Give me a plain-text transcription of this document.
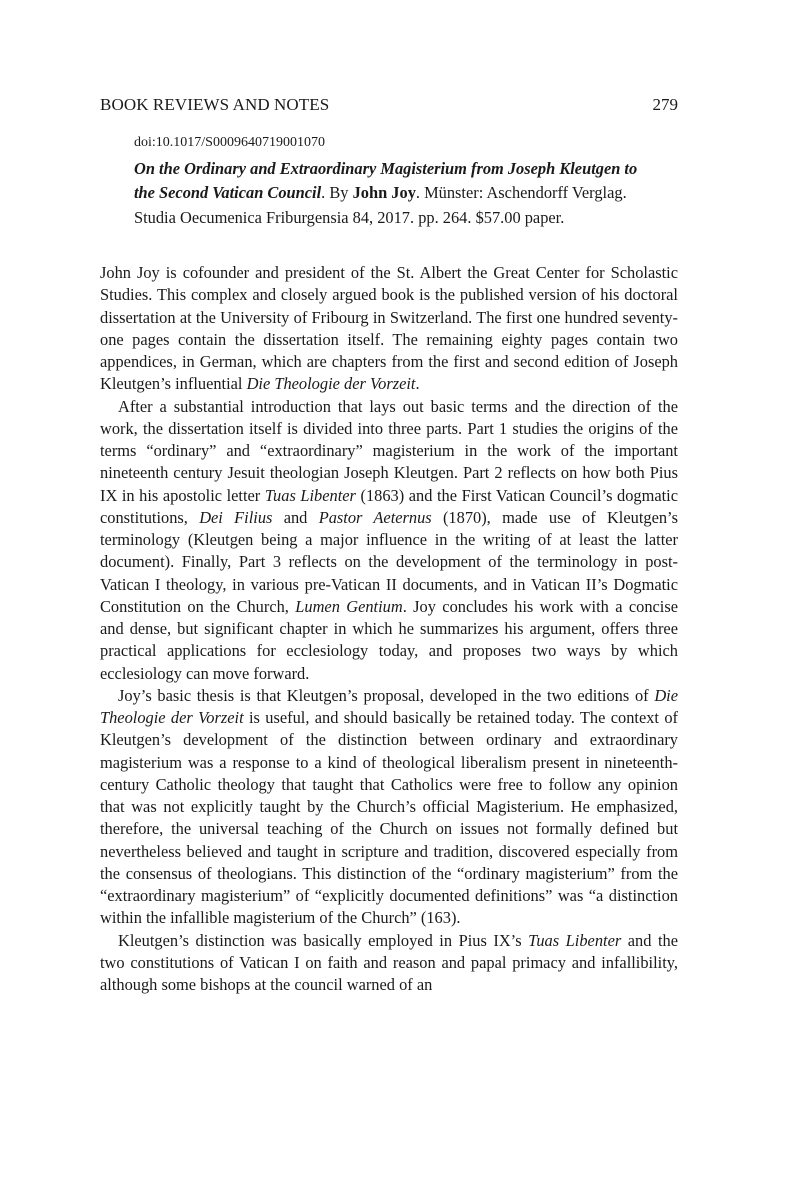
BOOK REVIEWS AND NOTES	279
doi:10.1017/S0009640719001070
On the Ordinary and Extraordinary Magisterium from Joseph Kleutgen to the Second Vatican Council. By John Joy. Münster: Aschendorff Verglag. Studia Oecumenica Friburgensia 84, 2017. pp. 264. $57.00 paper.

John Joy is cofounder and president of the St. Albert the Great Center for Scholastic Studies. This complex and closely argued book is the published version of his doctoral dissertation at the University of Fribourg in Switzerland. The first one hundred seventy-one pages contain the dissertation itself. The remaining eighty pages contain two appendices, in German, which are chapters from the first and second edition of Joseph Kleutgen’s influential Die Theologie der Vorzeit.

After a substantial introduction that lays out basic terms and the direction of the work, the dissertation itself is divided into three parts. Part 1 studies the origins of the terms “ordinary” and “extraordinary” magisterium in the work of the important nineteenth century Jesuit theologian Joseph Kleutgen. Part 2 reflects on how both Pius IX in his apostolic letter Tuas Libenter (1863) and the First Vatican Council’s dogmatic constitutions, Dei Filius and Pastor Aeternus (1870), made use of Kleutgen’s terminology (Kleutgen being a major influence in the writing of at least the latter document). Finally, Part 3 reflects on the development of the terminology in post-Vatican I theology, in various pre-Vatican II documents, and in Vatican II’s Dogmatic Constitution on the Church, Lumen Gentium. Joy concludes his work with a concise and dense, but significant chapter in which he summarizes his argument, offers three practical applications for ecclesiology today, and proposes two ways by which ecclesiology can move forward.

Joy’s basic thesis is that Kleutgen’s proposal, developed in the two editions of Die Theologie der Vorzeit is useful, and should basically be retained today. The context of Kleutgen’s development of the distinction between ordinary and extraordinary magisterium was a response to a kind of theological liberalism present in nineteenth-century Catholic theology that taught that Catholics were free to follow any opinion that was not explicitly taught by the Church’s official Magisterium. He emphasized, therefore, the universal teaching of the Church on issues not formally defined but nevertheless believed and taught in scripture and tradition, discovered especially from the consensus of theologians. This distinction of the “ordinary magisterium” from the “extraordinary magisterium” of “explicitly documented definitions” was “a distinction within the infallible magisterium of the Church” (163).

Kleutgen’s distinction was basically employed in Pius IX’s Tuas Libenter and the two constitutions of Vatican I on faith and reason and papal primacy and infallibility, although some bishops at the council warned of an
